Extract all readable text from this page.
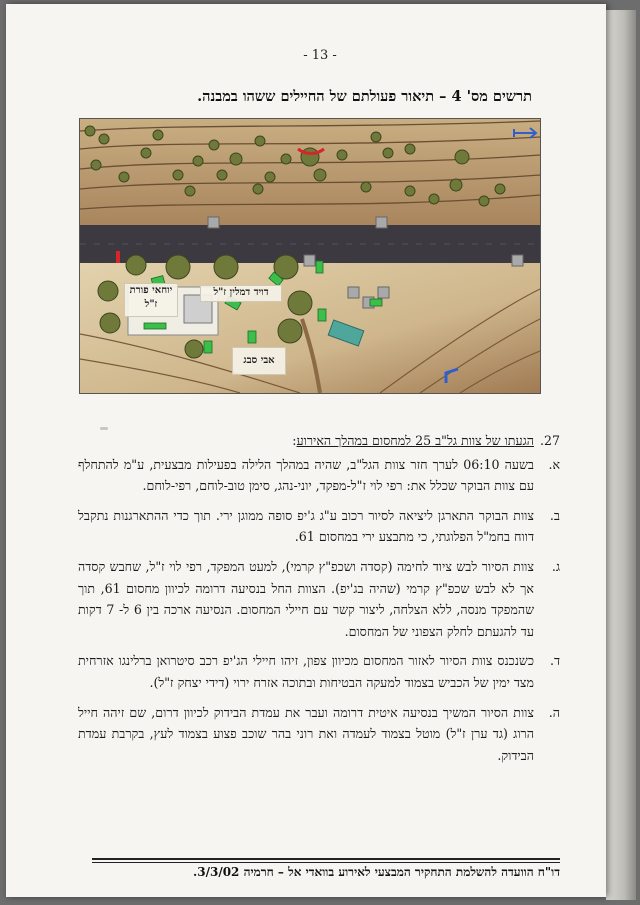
- 13 -
תרשים מס' 4 – תיאור פעולתם של החיילים ששהו במבנה.
יוחאי פורת ז"ל
דויד דמלין ז"ל
אבי סבג
27.
הגעתו של צוות גל"ב 25 למחסום במהלך האירוע:
א.
בשעה 06:10 לערך חזר צוות הגל"ב, שהיה במהלך הלילה בפעילות מבצעית, ע"מ להתחלף עם צוות הבוקר שכלל את: רפי לוי ז"ל-מפקד, יוני-נהג, סימן טוב-לוחם, רפי-לוחם.
ב.
צוות הבוקר התארגן ליציאה לסיור רכוב ע"ג ג'יפ סופה ממוגן ירי. תוך כדי ההתארגנות נתקבל דווח בחמ"ל הפלוגתי, כי מתבצע ירי במחסום 61.
ג.
צוות הסיור לבש ציוד לחימה (קסדה ושכפ"ץ קרמי), למעט המפקד, רפי לוי ז"ל, שחבש קסדה אך לא לבש שכפ"ץ קרמי (שהיה בג'יפ). הצוות החל בנסיעה דרומה לכיוון מחסום 61, תוך שהמפקד מנסה, ללא הצלחה, ליצור קשר עם חיילי המחסום. הנסיעה ארכה בין 6 ל- 7 דקות עד להגעתם לחלק הצפוני של המחסום.
ד.
כשנכנס צוות הסיור לאזור המחסום מכיוון צפון, זיהו חיילי הג'יפ רכב סיטרואן ברלינגו אזרחית מצד ימין של הכביש בצמוד למעקה הבטיחות ובתוכה אזרח ירוי (דידי יצחק ז"ל).
ה.
צוות הסיור המשיך בנסיעה איטית דרומה ועבר את עמדת הבידוק לכיוון דרום, שם זיהה חייל הרוג (גד ערן ז"ל) מוטל בצמוד לעמדה ואת רוני בהר שוכב פצוע בצמוד לעץ, בקרבת עמדת הבידוק.
דו"ח הוועדה להשלמת התחקיר המבצעי לאירוע בוואדי אל – חרמיה 3/3/02.
